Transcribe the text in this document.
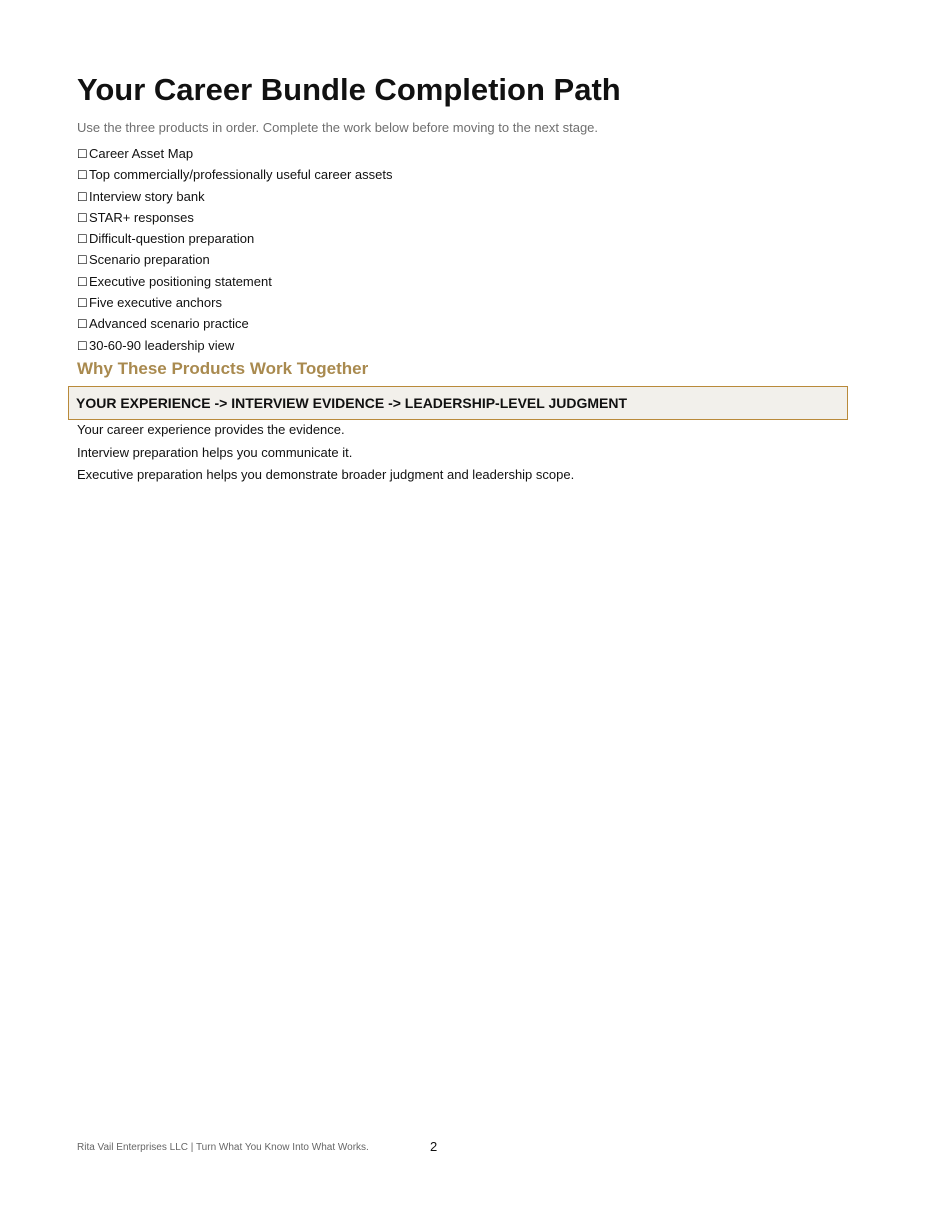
Your Career Bundle Completion Path

Use the three products in order. Complete the work below before moving to the next stage.

☐Career Asset Map
☐Top commercially/professionally useful career assets
☐Interview story bank
☐STAR+ responses
☐Difficult-question preparation
☐Scenario preparation
☐Executive positioning statement
☐Five executive anchors
☐Advanced scenario practice
☐30-60-90 leadership view
Why These Products Work Together
YOUR EXPERIENCE -> INTERVIEW EVIDENCE -> LEADERSHIP-LEVEL JUDGMENT

Your career experience provides the evidence.

Interview preparation helps you communicate it.

Executive preparation helps you demonstrate broader judgment and leadership scope.

Rita Vail Enterprises LLC | Turn What You Know Into What Works.	2
